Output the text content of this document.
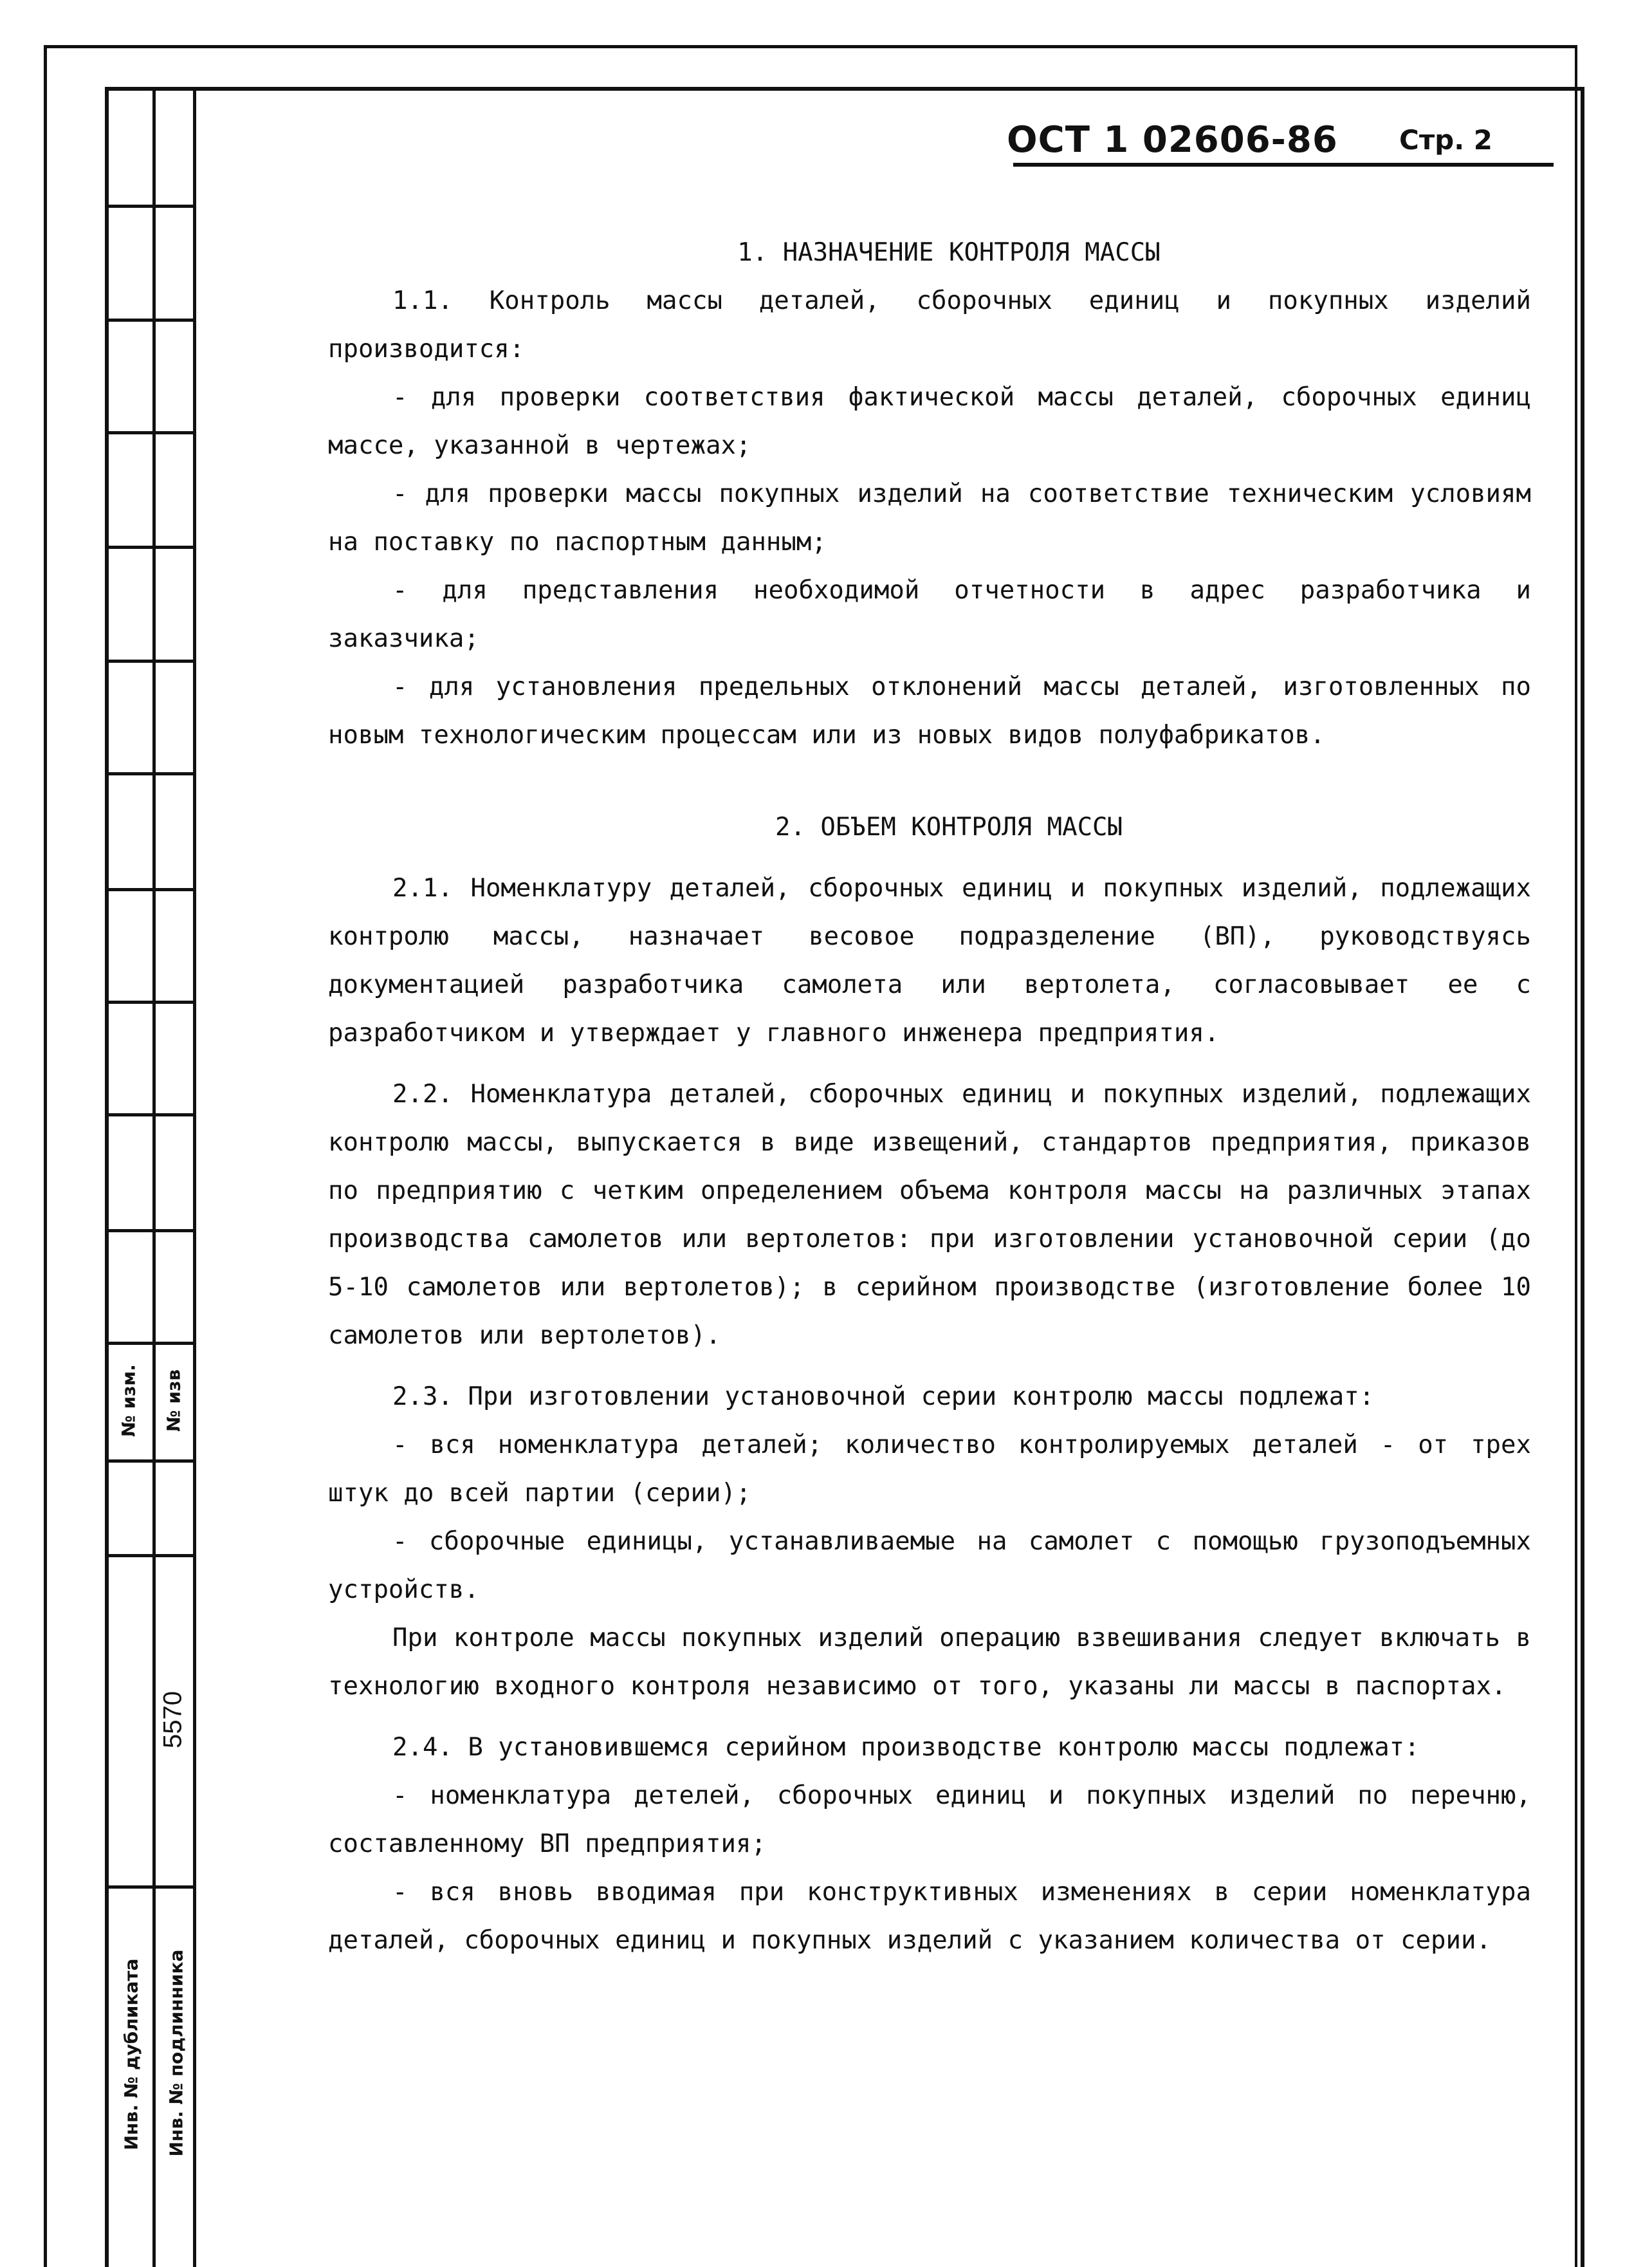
№ изм. № изв
5570
Инв. № дубликата Инв. № подлинника
ОСТ 1 02606-86 Стр. 2

1. НАЗНАЧЕНИЕ КОНТРОЛЯ МАССЫ

1.1. Контроль массы деталей, сборочных единиц и покупных изделий производится:

- для проверки соответствия фактической массы деталей, сборочных единиц массе, указанной в чертежах;

- для проверки массы покупных изделий на соответствие техническим условиям на поставку по паспортным данным;

- для представления необходимой отчетности в адрес разработчика и заказчика;

- для установления предельных отклонений массы деталей, изготовленных по новым технологическим процессам или из новых видов полуфабрикатов.

2. ОБЪЕМ КОНТРОЛЯ МАССЫ

2.1. Номенклатуру деталей, сборочных единиц и покупных изделий, подлежащих контролю массы, назначает весовое подразделение (ВП), руководствуясь документацией разработчика самолета или вертолета, согласовывает ее с разработчиком и утверждает у главного инженера предприятия.

2.2. Номенклатура деталей, сборочных единиц и покупных изделий, подлежащих контролю массы, выпускается в виде извещений, стандартов предприятия, приказов по предприятию с четким определением объема контроля массы на различных этапах производства самолетов или вертолетов: при изготовлении установочной серии (до 5-10 самолетов или вертолетов); в серийном производстве (изготовление более 10 самолетов или вертолетов).

2.3. При изготовлении установочной серии контролю массы подлежат:

- вся номенклатура деталей; количество контролируемых деталей - от трех штук до всей партии (серии);

- сборочные единицы, устанавливаемые на самолет с помощью грузоподъемных устройств.

При контроле массы покупных изделий операцию взвешивания следует включать в технологию входного контроля независимо от того, указаны ли массы в паспортах.

2.4. В установившемся серийном производстве контролю массы подлежат:

- номенклатура детелей, сборочных единиц и покупных изделий по перечню, составленному ВП предприятия;

- вся вновь вводимая при конструктивных изменениях в серии номенклатура деталей, сборочных единиц и покупных изделий с указанием количества от серии.
